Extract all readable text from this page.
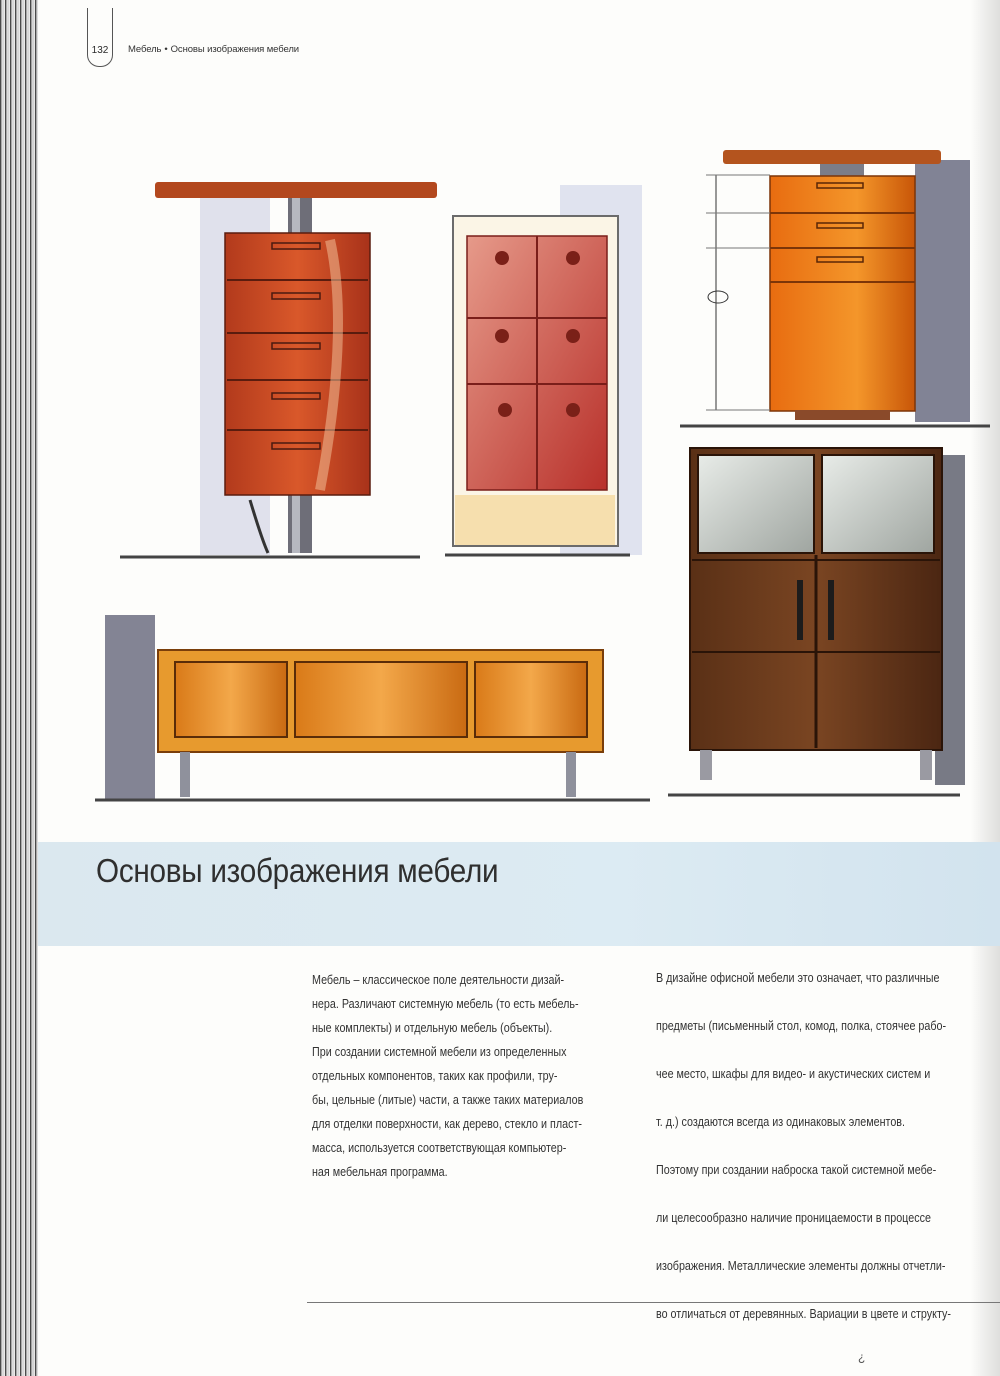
132	Мебель • Основы изображения мебели
Основы изображения мебели

Мебель – классическое поле деятельности дизай-

нера. Различают системную мебель (то есть мебель-

ные комплекты) и отдельную мебель (объекты).

При создании системной мебели из определенных

отдельных компонентов, таких как профили, тру-

бы, цельные (литые) части, а также таких материалов

для отделки поверхности, как дерево, стекло и пласт-

масса, используется соответствующая компьютер-

ная мебельная программа.

В дизайне офисной мебели это означает, что различные

предметы (письменный стол, комод, полка, стоячее рабо-

чее место, шкафы для видео- и акустических систем и

т. д.) создаются всегда из одинаковых элементов.

Поэтому при создании наброска такой системной мебе-

ли целесообразно наличие проницаемости в процессе

изображения. Металлические элементы должны отчетли-

во отличаться от деревянных. Вариации в цвете и структу-

¿
